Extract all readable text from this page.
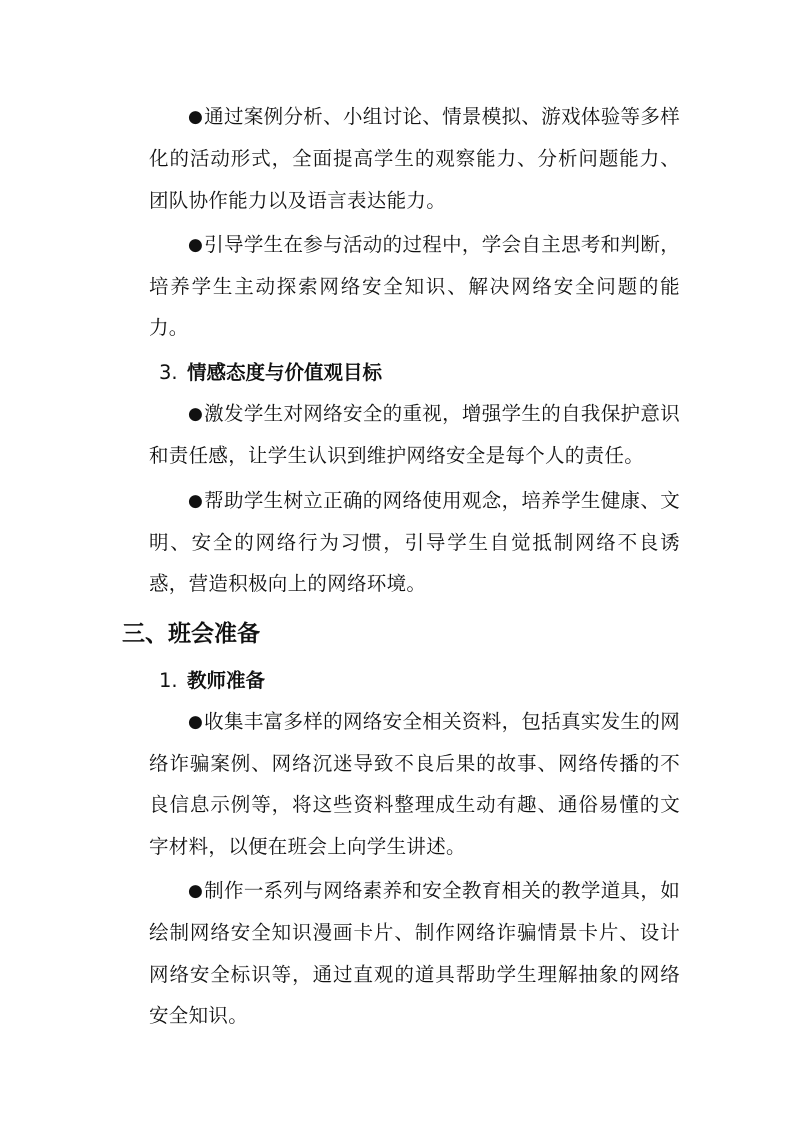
●通过案例分析、小组讨论、情景模拟、游戏体验等多样化的活动形式，全面提高学生的观察能力、分析问题能力、团队协作能力以及语言表达能力。

●引导学生在参与活动的过程中，学会自主思考和判断，培养学生主动探索网络安全知识、解决网络安全问题的能力。

3. 情感态度与价值观目标

●激发学生对网络安全的重视，增强学生的自我保护意识和责任感，让学生认识到维护网络安全是每个人的责任。

●帮助学生树立正确的网络使用观念，培养学生健康、文明、安全的网络行为习惯，引导学生自觉抵制网络不良诱惑，营造积极向上的网络环境。

三、班会准备

1. 教师准备

●收集丰富多样的网络安全相关资料，包括真实发生的网络诈骗案例、网络沉迷导致不良后果的故事、网络传播的不良信息示例等，将这些资料整理成生动有趣、通俗易懂的文字材料，以便在班会上向学生讲述。

●制作一系列与网络素养和安全教育相关的教学道具，如绘制网络安全知识漫画卡片、制作网络诈骗情景卡片、设计网络安全标识等，通过直观的道具帮助学生理解抽象的网络安全知识。
